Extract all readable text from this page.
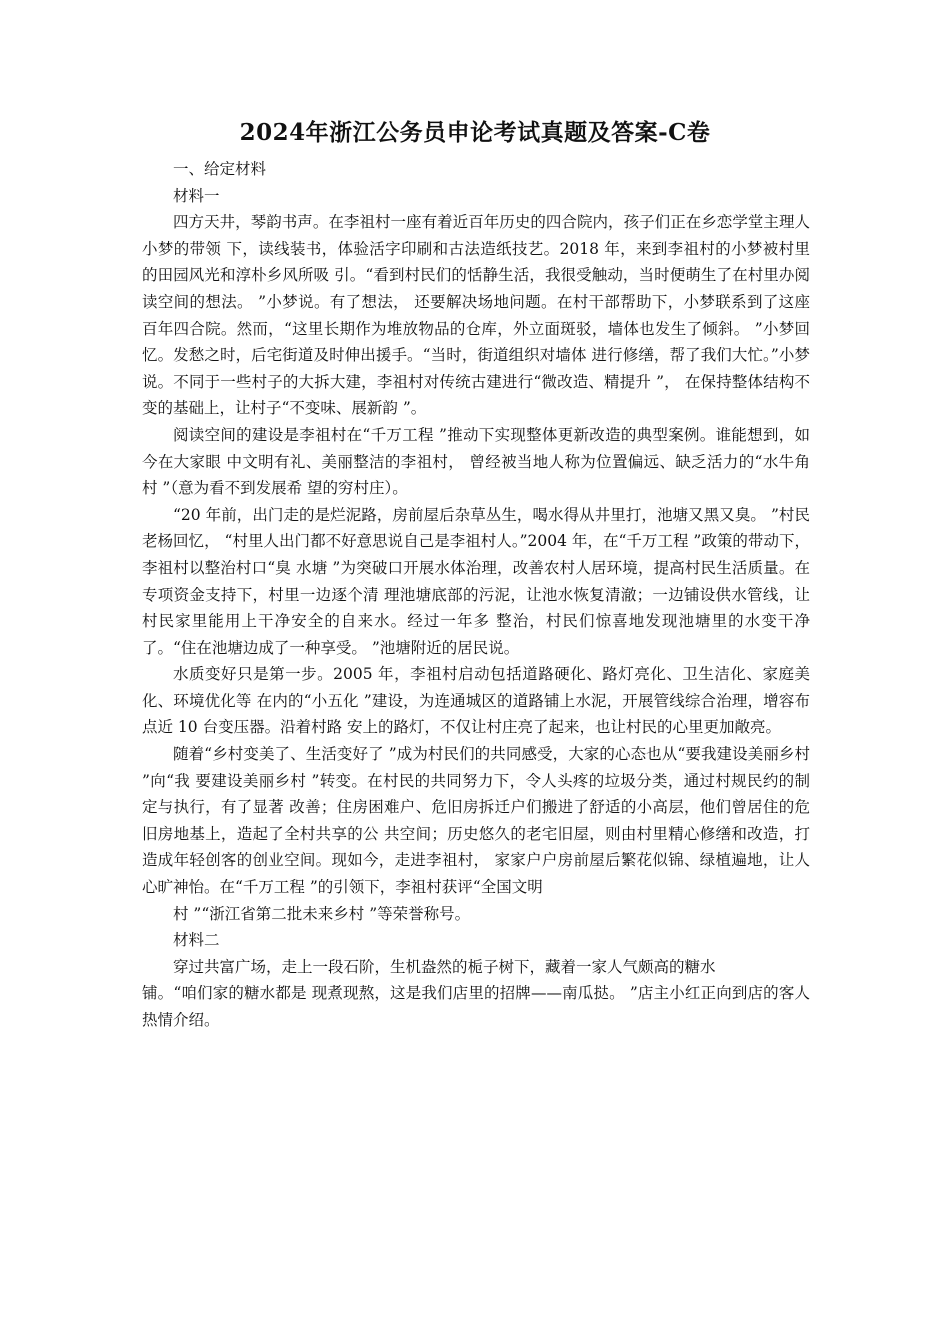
2024年浙江公务员申论考试真题及答案-C卷

一、给定材料

材料一

四方天井，琴韵书声。在李祖村一座有着近百年历史的四合院内，孩子们正在乡恋学堂主理人小梦的带领 下，读线装书，体验活字印刷和古法造纸技艺。2018 年，来到李祖村的小梦被村里的田园风光和淳朴乡风所吸 引。“看到村民们的恬静生活，我很受触动，当时便萌生了在村里办阅读空间的想法。 ”小梦说。有了想法， 还要解决场地问题。在村干部帮助下，小梦联系到了这座百年四合院。然而，“这里长期作为堆放物品的仓库，外立面斑驳，墙体也发生了倾斜。 ”小梦回忆。发愁之时，后宅街道及时伸出援手。“当时，街道组织对墙体 进行修缮，帮了我们大忙。”小梦说。不同于一些村子的大拆大建，李祖村对传统古建进行“微改造、精提升 ”， 在保持整体结构不变的基础上，让村子“不变味、展新韵 ”。

阅读空间的建设是李祖村在“千万工程 ”推动下实现整体更新改造的典型案例。谁能想到，如今在大家眼 中文明有礼、美丽整洁的李祖村， 曾经被当地人称为位置偏远、缺乏活力的“水牛角村 ”（意为看不到发展希 望的穷村庄）。

“20 年前，出门走的是烂泥路，房前屋后杂草丛生，喝水得从井里打，池塘又黑又臭。 ”村民老杨回忆， “村里人出门都不好意思说自己是李祖村人。”2004 年，在“千万工程 ”政策的带动下，李祖村以整治村口“臭 水塘 ”为突破口开展水体治理，改善农村人居环境，提高村民生活质量。在专项资金支持下，村里一边逐个清 理池塘底部的污泥，让池水恢复清澈；一边铺设供水管线，让村民家里能用上干净安全的自来水。经过一年多 整治，村民们惊喜地发现池塘里的水变干净了。“住在池塘边成了一种享受。 ”池塘附近的居民说。

水质变好只是第一步。2005 年，李祖村启动包括道路硬化、路灯亮化、卫生洁化、家庭美化、环境优化等 在内的“小五化 ”建设，为连通城区的道路铺上水泥，开展管线综合治理，增容布点近 10 台变压器。沿着村路 安上的路灯，不仅让村庄亮了起来，也让村民的心里更加敞亮。

随着“乡村变美了、生活变好了 ”成为村民们的共同感受，大家的心态也从“要我建设美丽乡村 ”向“我 要建设美丽乡村 ”转变。在村民的共同努力下，令人头疼的垃圾分类，通过村规民约的制定与执行，有了显著 改善；住房困难户、危旧房拆迁户们搬进了舒适的小高层，他们曾居住的危旧房地基上，造起了全村共享的公 共空间；历史悠久的老宅旧屋，则由村里精心修缮和改造，打造成年轻创客的创业空间。现如今，走进李祖村， 家家户户房前屋后繁花似锦、绿植遍地，让人心旷神怡。在“千万工程 ”的引领下，李祖村获评“全国文明

村 ”“浙江省第二批未来乡村 ”等荣誉称号。

材料二

穿过共富广场，走上一段石阶，生机盎然的栀子树下，藏着一家人气颇高的糖水

铺。“咱们家的糖水都是 现煮现熬，这是我们店里的招牌——南瓜挞。 ”店主小红正向到店的客人热情介绍。
